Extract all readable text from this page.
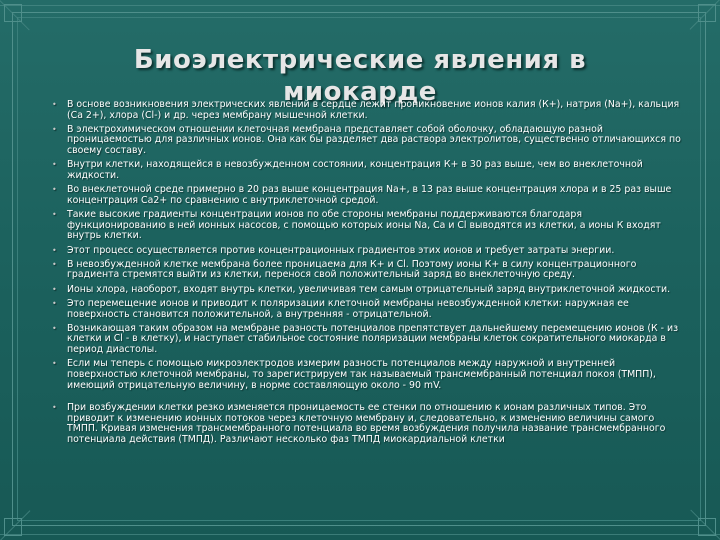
Биоэлектрические явления в миокарде
• В основе возникновения электрических явлений в сердце лежит проникновение ионов калия (К+), натрия (Na+), кальция (Са 2+), хлора (Сl-) и др. через мембрану мышечной клетки.
• В электрохимическом отношении клеточная мембрана представляет собой оболочку, обладающую разной проницаемостью для различных ионов. Она как бы разделяет два раствора электролитов, существенно отличающихся по своему составу.
• Внутри клетки, находящейся в невозбужденном состоянии, концентрация К+ в 30 раз выше, чем во внеклеточной жидкости.
• Во внеклеточной среде примерно в 20 раз выше концентрация Na+, в 13 раз выше концентрация хлора и в 25 раз выше концентрация Са2+ по сравнению с внутриклеточной средой.
• Такие высокие градиенты концентрации ионов по обе стороны мембраны поддерживаются благодаря функционированию в ней ионных насосов, с помощью которых ионы Na, Са и Сl выводятся из клетки, а ионы К входят внутрь клетки.
• Этот процесс осуществляется против концентрационных градиентов этих ионов и требует затраты энергии.
• В невозбужденной клетке мембрана более проницаема для К+ и Cl. Поэтому ионы К+ в силу концентрационного градиента стремятся выйти из клетки, перенося свой положительный заряд во внеклеточную среду.
• Ионы хлора, наоборот, входят внутрь клетки, увеличивая тем самым отрицательный заряд внутриклеточной жидкости.
• Это перемещение ионов и приводит к поляризации клеточной мембраны невозбужденной клетки: наружная ее поверхность становится положительной, а внутренняя - отрицательной.
• Возникающая таким образом на мембране разность потенциалов препятствует дальнейшему перемещению ионов (К - из клетки и Cl - в клетку), и наступает стабильное состояние поляризации мембраны клеток сократительного миокарда в период диастолы.
• Если мы теперь с помощью микроэлектродов измерим разность потенциалов между наружной и внутренней поверхностью клеточной мембраны, то зарегистрируем так называемый трансмембранный потенциал покоя (ТМПП), имеющий отрицательную величину, в норме составляющую около - 90 mV.
• При возбуждении клетки резко изменяется проницаемость ее стенки по отношению к ионам различных типов. Это приводит к изменению ионных потоков через клеточную мембрану и, следовательно, к изменению величины самого ТМПП. Кривая изменения трансмембранного потенциала во время возбуждения получила название трансмембранного потенциала действия (ТМПД). Различают несколько фаз ТМПД миокардиальной клетки
